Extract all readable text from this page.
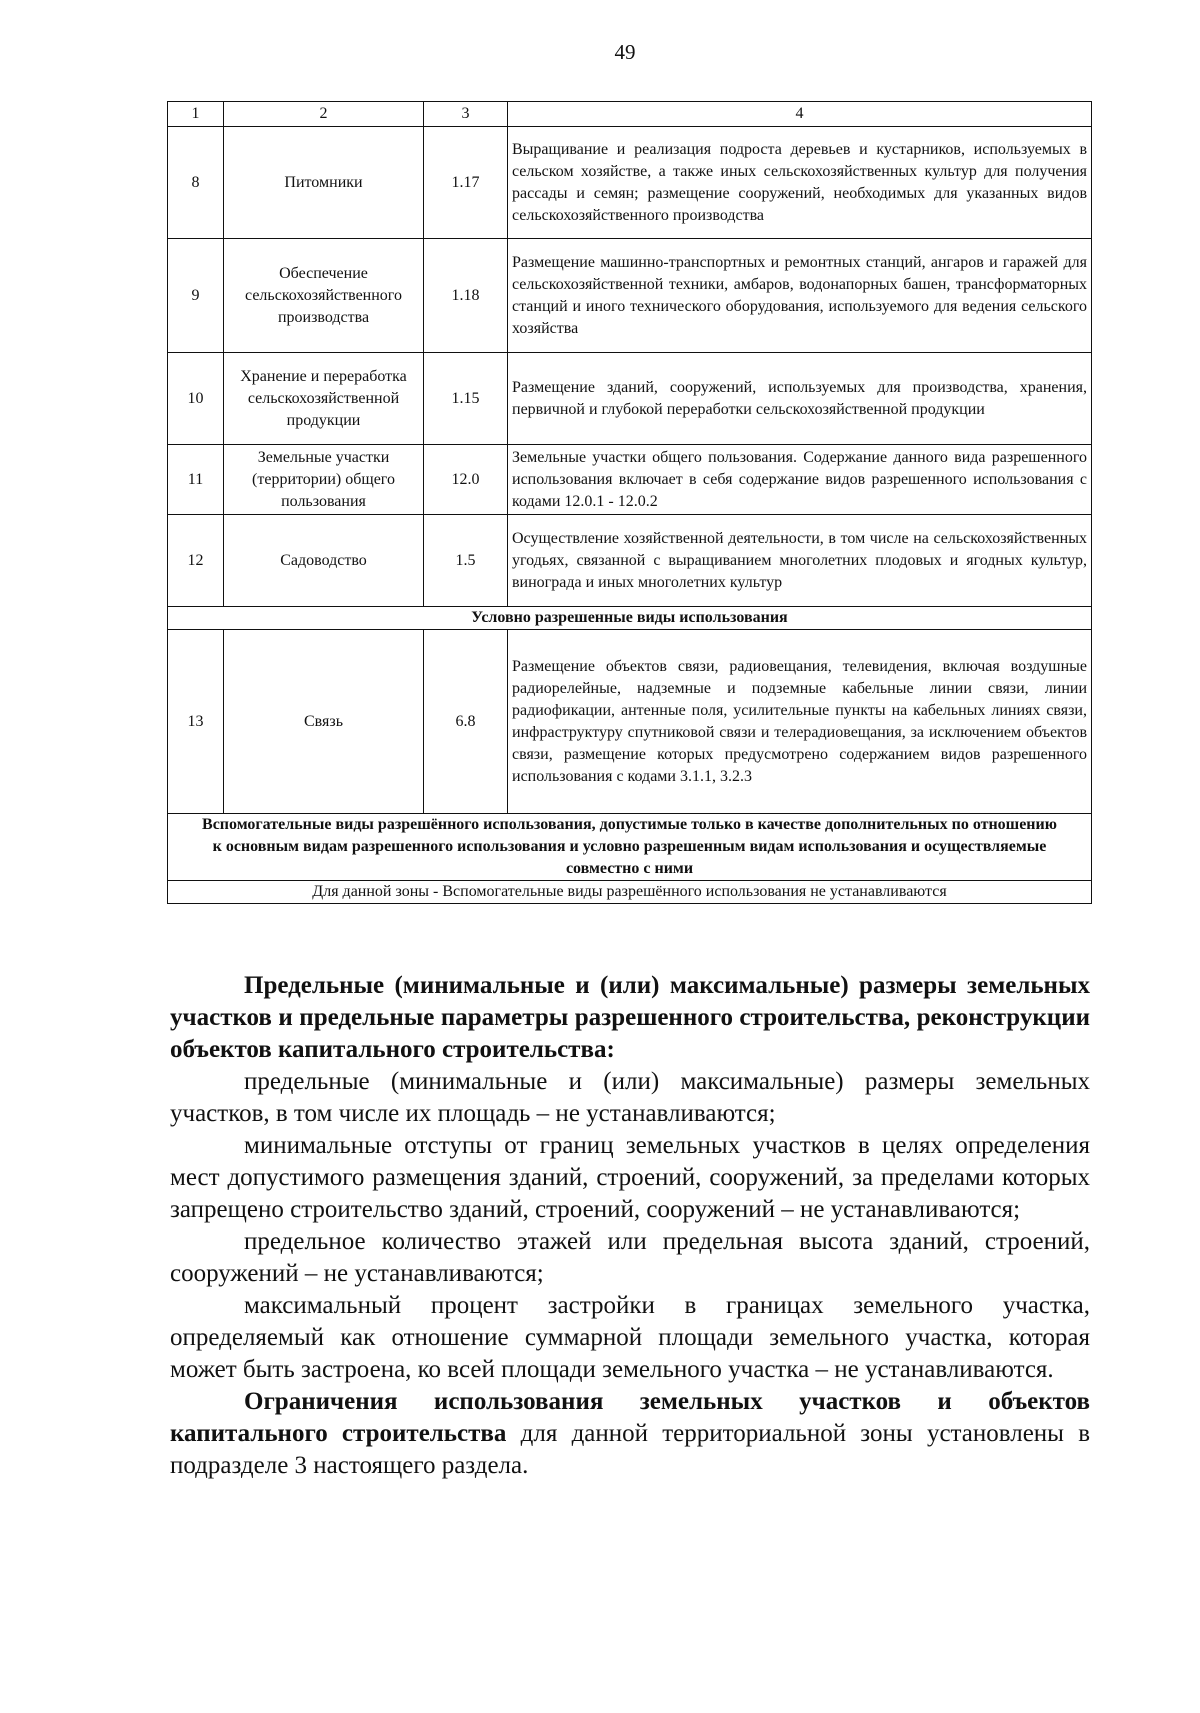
49
1	2	3	4
8	Питомники	1.17	Выращивание и реализация подроста деревьев и кустарников, используемых в сельском хозяйстве, а также иных сельскохозяйственных культур для получения рассады и семян; размещение сооружений, необходимых для указанных видов сельскохозяйственного производства
9	Обеспечение сельскохозяйственного производства	1.18	Размещение машинно-транспортных и ремонтных станций, ангаров и гаражей для сельскохозяйственной техники, амбаров, водонапорных башен, трансформаторных станций и иного технического оборудования, используемого для ведения сельского хозяйства
10	Хранение и переработка сельскохозяйственной продукции	1.15	Размещение зданий, сооружений, используемых для производства, хранения, первичной и глубокой переработки сельскохозяйственной продукции
11	Земельные участки (территории) общего пользования	12.0	Земельные участки общего пользования. Содержание данного вида разрешенного использования включает в себя содержание видов разрешенного использования с кодами 12.0.1 - 12.0.2
12	Садоводство	1.5	Осуществление хозяйственной деятельности, в том числе на сельскохозяйственных угодьях, связанной с выращиванием многолетних плодовых и ягодных культур, винограда и иных многолетних культур
Условно разрешенные виды использования			
13	Связь	6.8	Размещение объектов связи, радиовещания, телевидения, включая воздушные радиорелейные, надземные и подземные кабельные линии связи, линии радиофикации, антенные поля, усилительные пункты на кабельных линиях связи, инфраструктуру спутниковой связи и телерадиовещания, за исключением объектов связи, размещение которых предусмотрено содержанием видов разрешенного использования с кодами 3.1.1, 3.2.3
Вспомогательные виды разрешённого использования, допустимые только в качестве дополнительных по отношению к основным видам разрешенного использования и условно разрешенным видам использования и осуществляемые совместно с ними			
Для данной зоны - Вспомогательные виды разрешённого использования не устанавливаются			

Предельные (минимальные и (или) максимальные) размеры земельных участков и предельные параметры разрешенного строительства, реконструкции объектов капитального строительства:

предельные (минимальные и (или) максимальные) размеры земельных участков, в том числе их площадь – не устанавливаются;

минимальные отступы от границ земельных участков в целях определения мест допустимого размещения зданий, строений, сооружений, за пределами которых запрещено строительство зданий, строений, сооружений – не устанавливаются;

предельное количество этажей или предельная высота зданий, строений, сооружений – не устанавливаются;

максимальный процент застройки в границах земельного участка, определяемый как отношение суммарной площади земельного участка, которая может быть застроена, ко всей площади земельного участка – не устанавливаются.

Ограничения использования земельных участков и объектов капитального строительства для данной территориальной зоны установлены в подразделе 3 настоящего раздела.
